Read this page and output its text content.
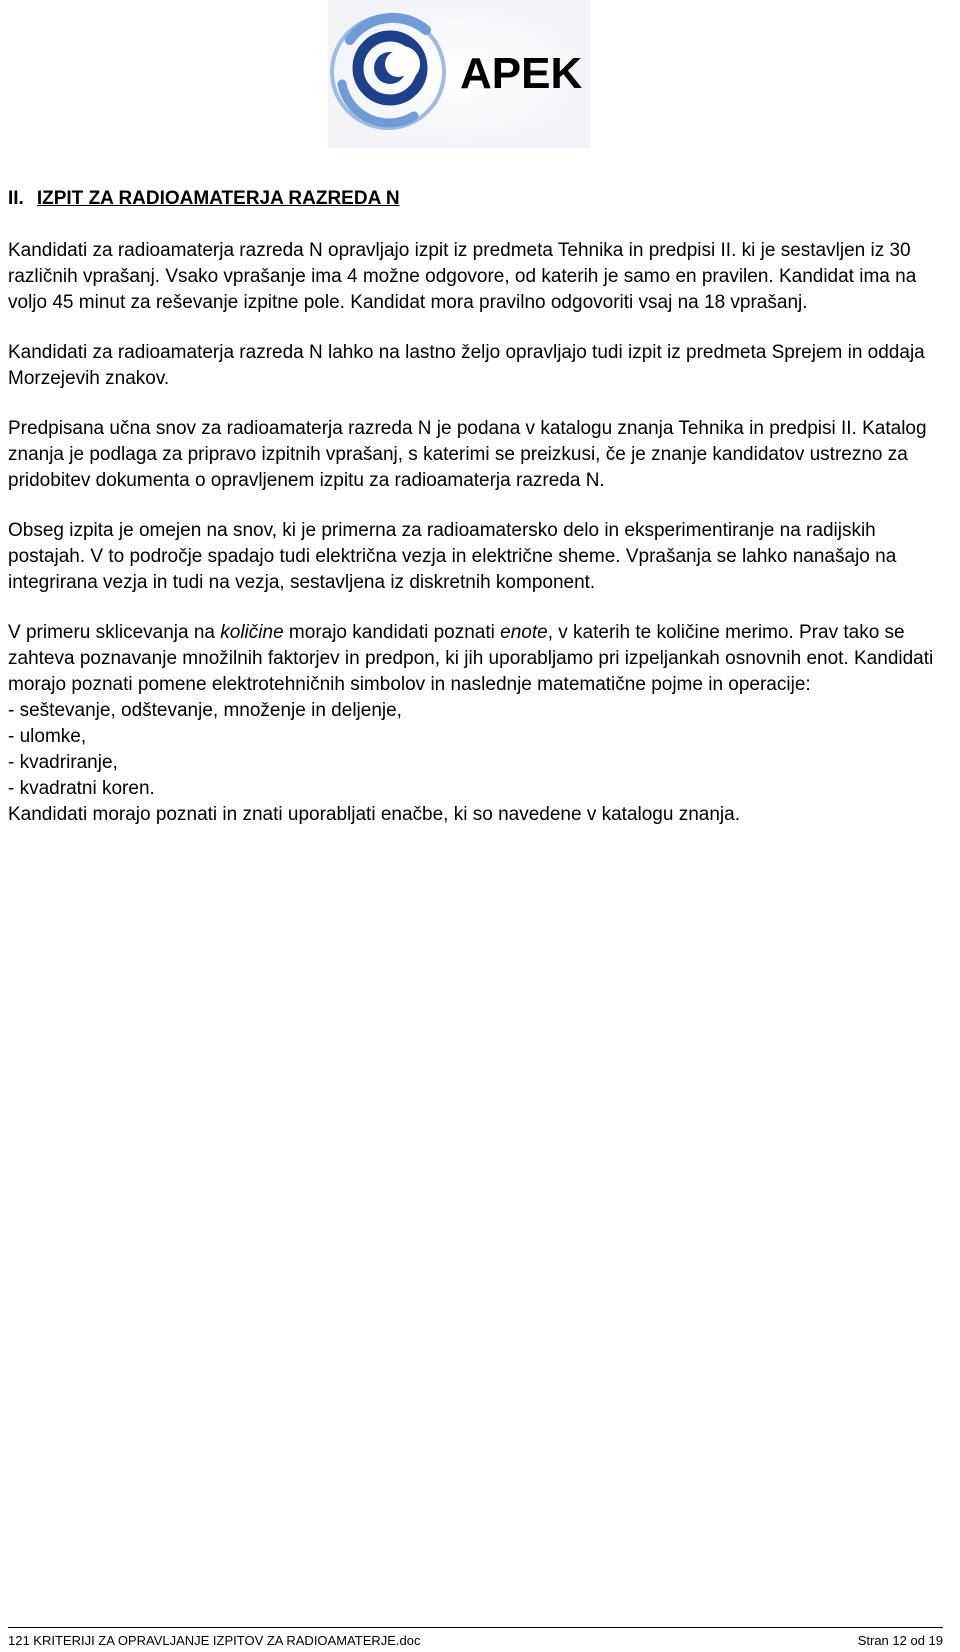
APEK
II. IZPIT ZA RADIOAMATERJA RAZREDA N

Kandidati za radioamaterja razreda N opravljajo izpit iz predmeta Tehnika in predpisi II. ki je sestavljen iz 30 različnih vprašanj. Vsako vprašanje ima 4 možne odgovore, od katerih je samo en pravilen. Kandidat ima na voljo 45 minut za reševanje izpitne pole. Kandidat mora pravilno odgovoriti vsaj na 18 vprašanj.

Kandidati za radioamaterja razreda N lahko na lastno željo opravljajo tudi izpit iz predmeta Sprejem in oddaja Morzejevih znakov.

Predpisana učna snov za radioamaterja razreda N je podana v katalogu znanja Tehnika in predpisi II. Katalog znanja je podlaga za pripravo izpitnih vprašanj, s katerimi se preizkusi, če je znanje kandidatov ustrezno za pridobitev dokumenta o opravljenem izpitu za radioamaterja razreda N.

Obseg izpita je omejen na snov, ki je primerna za radioamatersko delo in eksperimentiranje na radijskih postajah. V to področje spadajo tudi električna vezja in električne sheme. Vprašanja se lahko nanašajo na integrirana vezja in tudi na vezja, sestavljena iz diskretnih komponent.

V primeru sklicevanja na količine morajo kandidati poznati enote, v katerih te količine merimo. Prav tako se zahteva poznavanje množilnih faktorjev in predpon, ki jih uporabljamo pri izpeljankah osnovnih enot. Kandidati morajo poznati pomene elektrotehničnih simbolov in naslednje matematične pojme in operacije:
- seštevanje, odštevanje, množenje in deljenje,
- ulomke,
- kvadriranje,
- kvadratni koren.
Kandidati morajo poznati in znati uporabljati enačbe, ki so navedene v katalogu znanja.
121 KRITERIJI ZA OPRAVLJANJE IZPITOV ZA RADIOAMATERJE.doc	Stran 12 od 19
